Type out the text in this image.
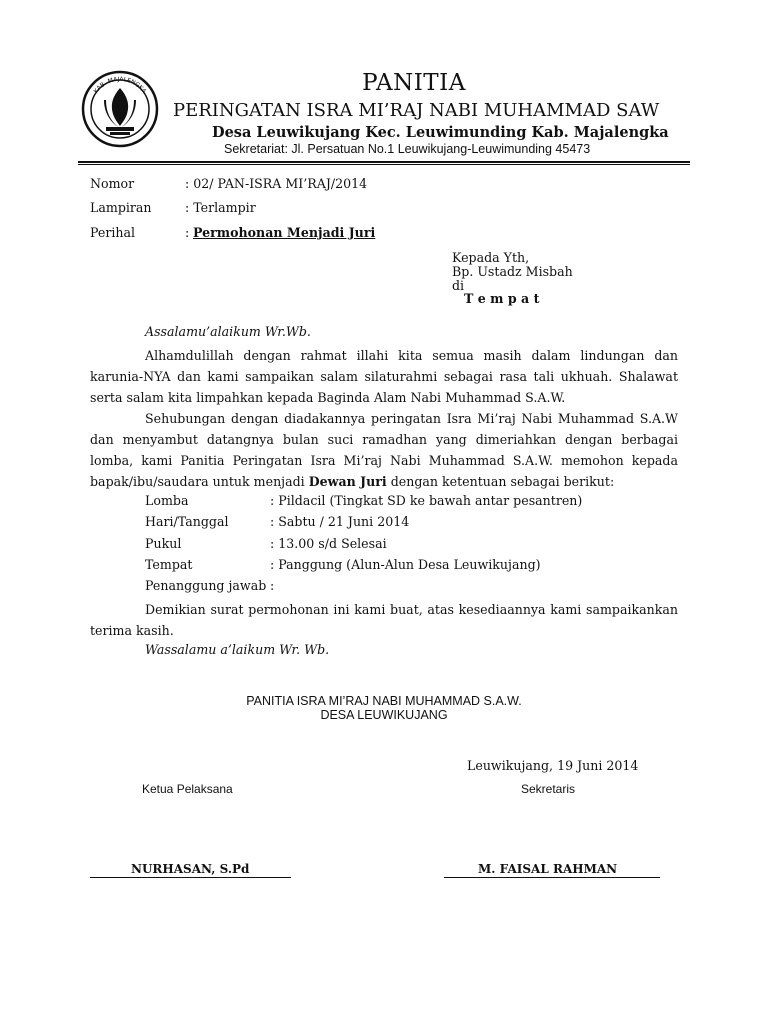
KAB. MAJALENGKA	PANITIA
PERINGATAN ISRA MI’RAJ NABI MUHAMMAD SAW
Desa Leuwikujang Kec. Leuwimunding Kab. Majalengka
Sekretariat: Jl. Persatuan No.1 Leuwikujang-Leuwimunding 45473
Nomor	: 02/ PAN-ISRA MI’RAJ/2014
Lampiran	: Terlampir
Perihal	: Permohonan Menjadi Juri
Kepada Yth,
Bp. Ustadz Misbah
di
T e m p a t
Assalamu’alaikum Wr.Wb.
Alhamdulillah dengan rahmat illahi kita semua masih dalam lindungan dan karunia-NYA dan kami sampaikan salam silaturahmi sebagai rasa tali ukhuah. Shalawat serta salam kita limpahkan kepada Baginda Alam Nabi Muhammad S.A.W.
Sehubungan dengan diadakannya peringatan Isra Mi’raj Nabi Muhammad S.A.W dan menyambut datangnya bulan suci ramadhan yang dimeriahkan dengan berbagai lomba, kami Panitia Peringatan Isra Mi’raj Nabi Muhammad S.A.W. memohon kepada bapak/ibu/saudara untuk menjadi Dewan Juri dengan ketentuan sebagai berikut:
Lomba	: Pildacil (Tingkat SD ke bawah antar pesantren)
Hari/Tanggal	: Sabtu / 21 Juni 2014
Pukul	: 13.00 s/d Selesai
Tempat	: Panggung (Alun-Alun Desa Leuwikujang)
Penanggung jawab :
Demikian surat permohonan ini kami buat, atas kesediaannya kami sampaikankan terima kasih.
Wassalamu a’laikum Wr. Wb.
PANITIA ISRA MI’RAJ NABI MUHAMMAD S.A.W.
DESA LEUWIKUJANG
Leuwikujang, 19 Juni 2014
Ketua Pelaksana	Sekretaris
NURHASAN, S.Pd	M. FAISAL RAHMAN
